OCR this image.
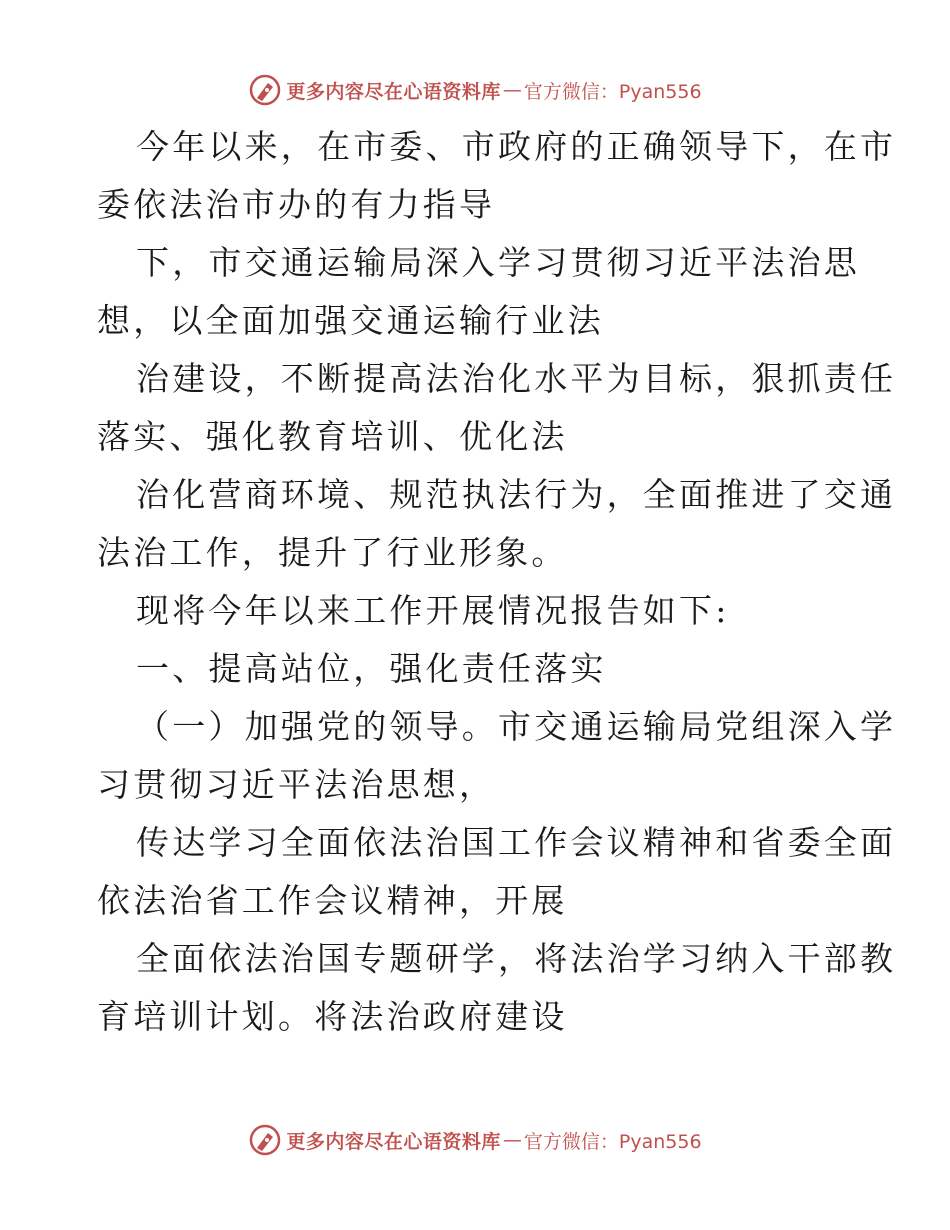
更多内容尽在心语资料库 — 官方微信：Pyan556
今年以来，在市委、市政府的正确领导下，在市
委依法治市办的有力指导
下，市交通运输局深入学习贯彻习近平法治思
想，以全面加强交通运输行业法
治建设，不断提高法治化水平为目标，狠抓责任
落实、强化教育培训、优化法
治化营商环境、规范执法行为，全面推进了交通
法治工作，提升了行业形象。
现将今年以来工作开展情况报告如下:
一、提高站位，强化责任落实
（一）加强党的领导。市交通运输局党组深入学
习贯彻习近平法治思想，
传达学习全面依法治国工作会议精神和省委全面
依法治省工作会议精神，开展
全面依法治国专题研学，将法治学习纳入干部教
育培训计划。将法治政府建设
更多内容尽在心语资料库 — 官方微信：Pyan556
